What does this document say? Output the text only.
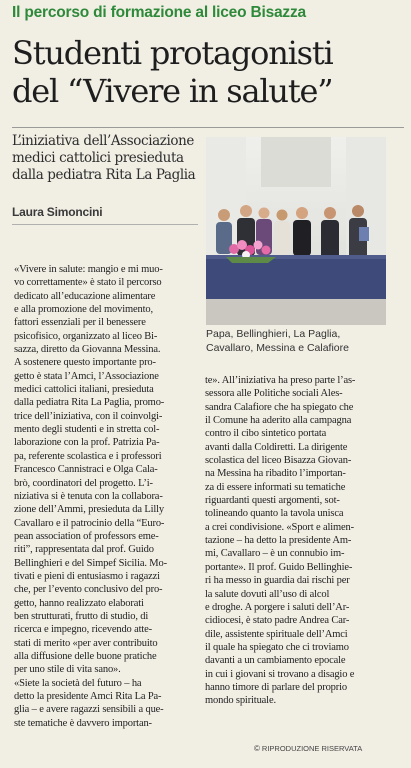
Il percorso di formazione al liceo Bisazza
Studenti protagonisti
del “Vivere in salute”
L’iniziativa dell’Associazione
medici cattolici presieduta
dalla pediatra Rita La Paglia
Laura Simoncini
Papa, Bellinghieri, La Paglia,
Cavallaro, Messina e Calafiore
«Vivere in salute: mangio e mi muo-
vo correttamente» è stato il percorso
dedicato all’educazione alimentare
e alla promozione del movimento,
fattori essenziali per il benessere
psicofisico, organizzato al liceo Bi-
sazza, diretto da Giovanna Messina.
A sostenere questo importante pro-
getto è stata l’Amci, l’Associazione
medici cattolici italiani, presieduta
dalla pediatra Rita La Paglia, promo-
trice dell’iniziativa, con il coinvolgi-
mento degli studenti e in stretta col-
laborazione con la prof. Patrizia Pa-
pa, referente scolastica e i professori
Francesco Cannistraci e Olga Cala-
brò, coordinatori del progetto. L’i-
niziativa si è tenuta con la collabora-
zione dell’Ammi, presieduta da Lilly
Cavallaro e il patrocinio della “Euro-
pean association of professors eme-
riti”, rappresentata dal prof. Guido
Bellinghieri e del Simpef Sicilia. Mo-
tivati e pieni di entusiasmo i ragazzi
che, per l’evento conclusivo del pro-
getto, hanno realizzato elaborati
ben strutturati, frutto di studio, di
ricerca e impegno, ricevendo atte-
stati di merito «per aver contribuito
alla diffusione delle buone pratiche
per uno stile di vita sano».
«Siete la società del futuro – ha
detto la presidente Amci Rita La Pa-
glia – e avere ragazzi sensibili a que-
ste tematiche è davvero importan-
te». All’iniziativa ha preso parte l’as-
sessora alle Politiche sociali Ales-
sandra Calafiore che ha spiegato che
il Comune ha aderito alla campagna
contro il cibo sintetico portata
avanti dalla Coldiretti. La dirigente
scolastica del liceo Bisazza Giovan-
na Messina ha ribadito l’importan-
za di essere informati su tematiche
riguardanti questi argomenti, sot-
tolineando quanto la tavola unisca
a crei condivisione. «Sport e alimen-
tazione – ha detto la presidente Am-
mi, Cavallaro – è un connubio im-
portante». Il prof. Guido Bellinghie-
ri ha messo in guardia dai rischi per
la salute dovuti all’uso di alcol
e droghe. A porgere i saluti dell’Ar-
cidiocesi, è stato padre Andrea Car-
dile, assistente spirituale dell’Amci
il quale ha spiegato che ci troviamo
davanti a un cambiamento epocale
in cui i giovani si trovano a disagio e
hanno timore di parlare del proprio
mondo spirituale.
© RIPRODUZIONE RISERVATA
